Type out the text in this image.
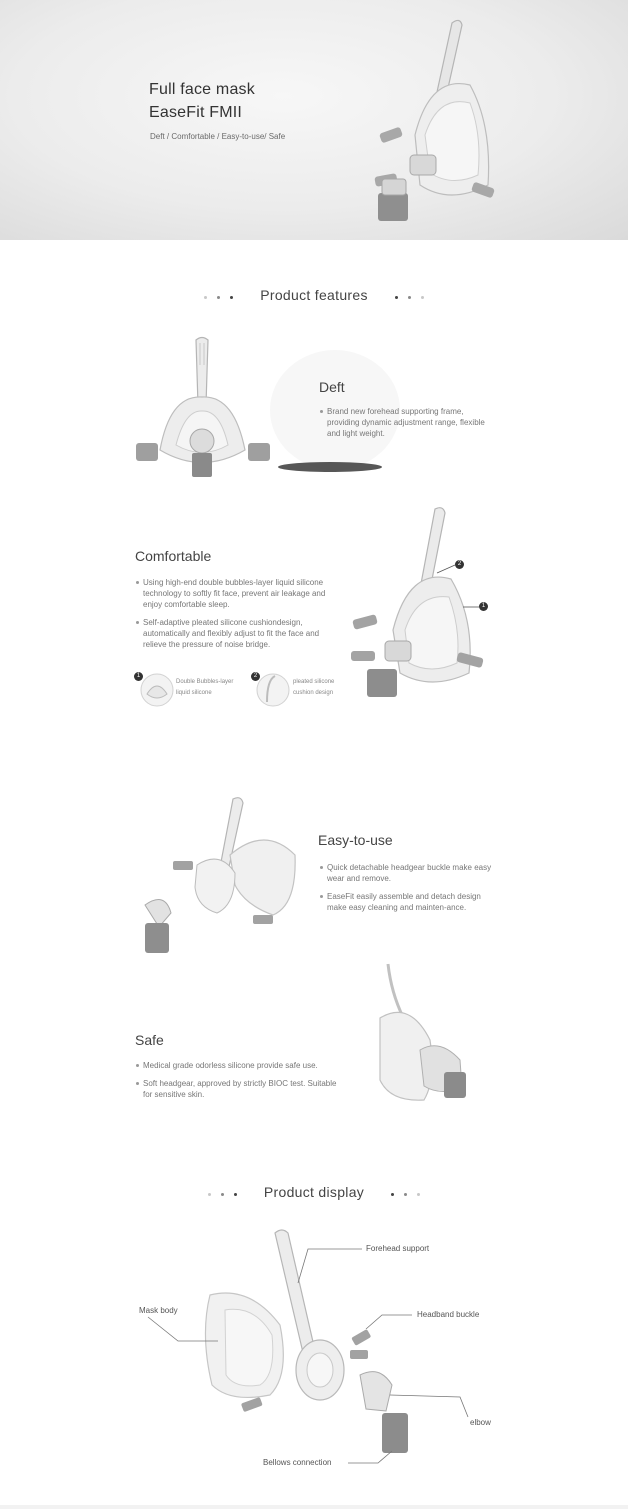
Full face mask
EaseFit FMII
Deft / Comfortable / Easy-to-use/ Safe
Product features
Deft
Brand new forehead supporting frame, providing dynamic adjustment range, flexible and light weight.
Comfortable
Using high-end double bubbles-layer liquid silicone technology to softly fit face, prevent air leakage and enjoy comfortable sleep.
Self-adaptive pleated silicone cushiondesign, automatically and flexibly adjust to fit the face and relieve the pressure of noise bridge.
1
Double Bubbles-layer
liquid silicone
2
pleated silicone
cushion design
2
1
Easy-to-use
Quick detachable headgear buckle make easy wear and remove.
EaseFit easily assemble and detach design make easy cleaning and mainten-ance.
Safe
Medical grade odorless silicone provide safe use.
Soft headgear, approved by strictly BIOC test. Suitable for sensitive skin.
Product display
Forehead support
Mask body	Headband buckle
elbow
Bellows connection
